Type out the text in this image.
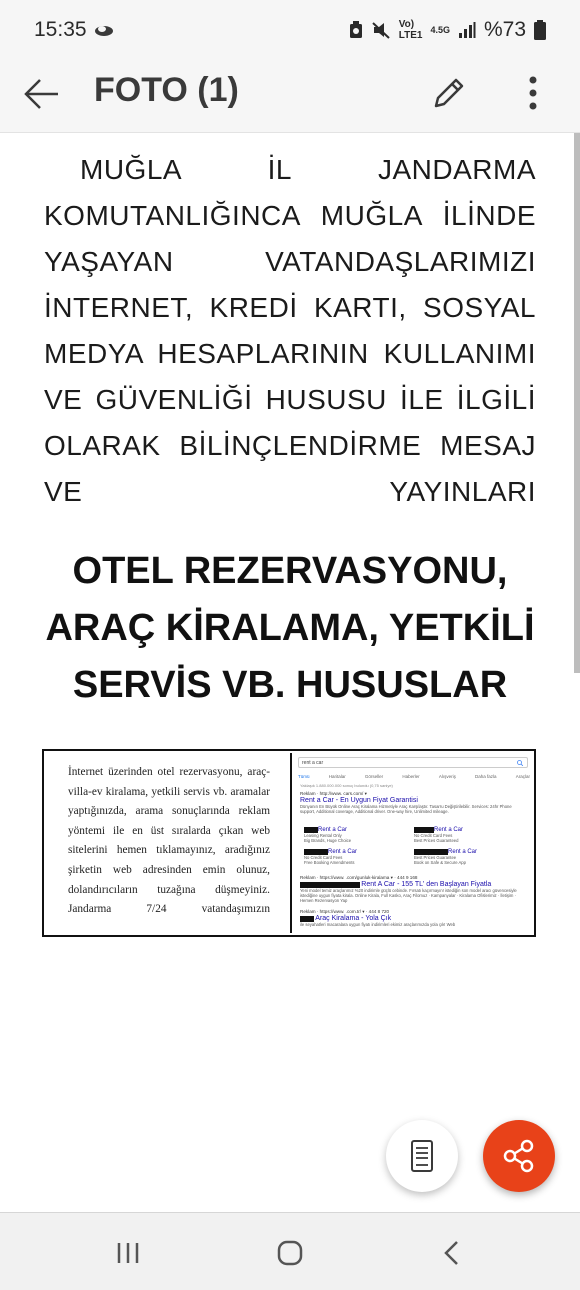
15:35	Vo)
LTE1 4.5G %73
FOTO (1)
MUĞLA İL JANDARMA KOMUTANLIĞINCA MUĞLA İLİNDE YAŞAYAN VATANDAŞLARIMIZI İNTERNET, KREDİ KARTI, SOSYAL MEDYA HESAPLARININ KULLANIMI VE GÜVENLİĞİ HUSUSU İLE İLGİLİ OLARAK BİLİNÇLENDİRME MESAJ VE YAYINLARI
OTEL REZERVASYONU,
ARAÇ KİRALAMA, YETKİLİ
SERVİS VB. HUSUSLAR

İnternet üzerinden otel rezervasyonu, araç-villa-ev kiralama, yetkili servis vb. aramalar yaptığınızda, arama sonuçlarında reklam yöntemi ile en üst sıralarda çıkan web sitelerini hemen tıklamayınız, aradığınız şirketin web adresinden emin olunuz, dolandırıcıların tuzağına düşmeyiniz. Jandarma 7/24 vatandaşımızın

rent a car
Tümü	Haritalar	Görseller	Haberler	Alışveriş	Daha fazla	Araçlar
Yaklaşık 1.880.000.000 sonuç bulundu (0,75 saniye)
Reklam · http://www. cars.com/ ▾
Rent a Car - En Uygun Fiyat Garantisi
Dünyanın En Büyük Online Araç Kiralama Hizmetiyle Araç Karşılaştır. Tasarru Değiştirilebilir. Services: 24hr Phone support, Additional coverage, Additional driver. One-way hire, Unlimited mileage.
Rent a Car
Leasing Rental Only
Big Brands, Huge Choice
Rent a Car
No Credit Card Fees
Best Prices Guaranteed
Rent a Car
No Credit Card Fees
Free Booking Amendments
Rent a Car
Best Prices Guarantee
Book on Safe & Secure App
Reklam · https://www. .com/gunluk-kiralama ▾ · 444 9 168
Rent A Car - 155 TL' den Başlayan Fiyatla
Yeni model temiz araçlarımız %20 indirimle güçlü cebinde. Fırsatı kaçırmayın! istediğin son model aracı güvencesiyle istediğine uygun fiyata kirala. Online Kirala, Full Kasko, Araç Filomuz · Kampanyalar · Kiralama Ofislerimiz · İletişim · Hemen Rezervasyon Yap
Reklam · https://www. .com.tr/ ▾ · 444 8 720
Araç Kiralama - Yola Çık
ile seyahatleri macaralara uygun fiyatı indirimleri ekimiz araçlarımızda yola çık! Web
